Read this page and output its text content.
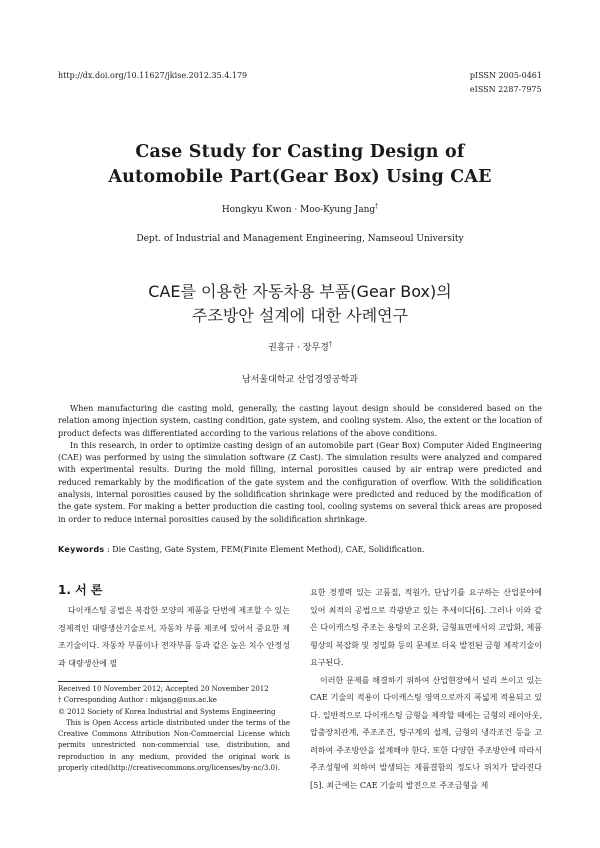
http://dx.doi.org/10.11627/jkise.2012.35.4.179	pISSN 2005-0461
eISSN 2287-7975
Case Study for Casting Design of
Automobile Part(Gear Box) Using CAE
Hongkyu Kwon · Moo-Kyung Jang†
Dept. of Industrial and Management Engineering, Namseoul University
CAE를 이용한 자동차용 부품(Gear Box)의
주조방안 설계에 대한 사례연구
권홍규 · 장무경†
남서울대학교 산업경영공학과

When manufacturing die casting mold, generally, the casting layout design should be considered based on the relation among injection system, casting condition, gate system, and cooling system. Also, the extent or the location of product defects was differentiated according to the various relations of the above conditions.

In this research, in order to optimize casting design of an automobile part (Gear Box) Computer Aided Engineering (CAE) was performed by using the simulation software (Z Cast). The simulation results were analyzed and compared with experimental results. During the mold filling, internal porosities caused by air entrap were predicted and reduced remarkably by the modification of the gate system and the configuration of overflow. With the solidification analysis, internal porosities caused by the solidification shrinkage were predicted and reduced by the modification of the gate system. For making a better production die casting tool, cooling systems on several thick areas are proposed in order to reduce internal porosities caused by the solidification shrinkage.

Keywords : Die Casting, Gate System, FEM(Finite Element Method), CAE, Solidification.
1. 서 론

다이캐스팅 공법은 복잡한 모양의 제품을 단번에 제조할 수 있는 경제적인 대량생산기술로서, 자동차 부품 제조에 있어서 중요한 제조기술이다. 자동차 부품이나 전자부품 등과 같은 높은 치수 안정성과 대량생산에 필

Received 10 November 2012; Accepted 20 November 2012
† Corresponding Author : mkjang@nus.ac.ke
© 2012 Society of Korea Industrial and Systems Engineering
This is Open Access article distributed under the terms of the Creative Commons Attribution Non-Commercial License which permits unrestricted non-commercial use, distribution, and reproduction in any medium, provided the original work is properly cited(http://creativecommons.org/licenses/by-nc/3.0).

요한 경쟁력 있는 고품질, 적원가, 단납기를 요구하는 산업분야에 있어 최적의 공법으로 각광받고 있는 추세이다[6]. 그러나 이와 같은 다이캐스팅 주조는 용탕의 고온화, 금형표면에서의 고압화, 제품형상의 복잡화 및 정밀화 등의 문제로 더욱 발전된 금형 제작기술이 요구된다.

이러한 문제를 해결하기 위하여 산업현장에서 널리 쓰이고 있는 CAE 기술의 적용이 다이캐스팅 영역으로까지 폭넓게 적용되고 있다. 일반적으로 다이캐스팅 금형을 제작할 때에는 금형의 레이아웃, 압출장치관계, 주조조건, 탕구계의 설계, 금형의 냉각조건 등을 고려하여 주조방안을 설계해야 한다. 또한 다양한 주조방안에 따라서 주조성형에 의하여 발생되는 제품결함의 정도나 위치가 달라진다[5]. 최근에는 CAE 기술의 발전으로 주조금형을 제
